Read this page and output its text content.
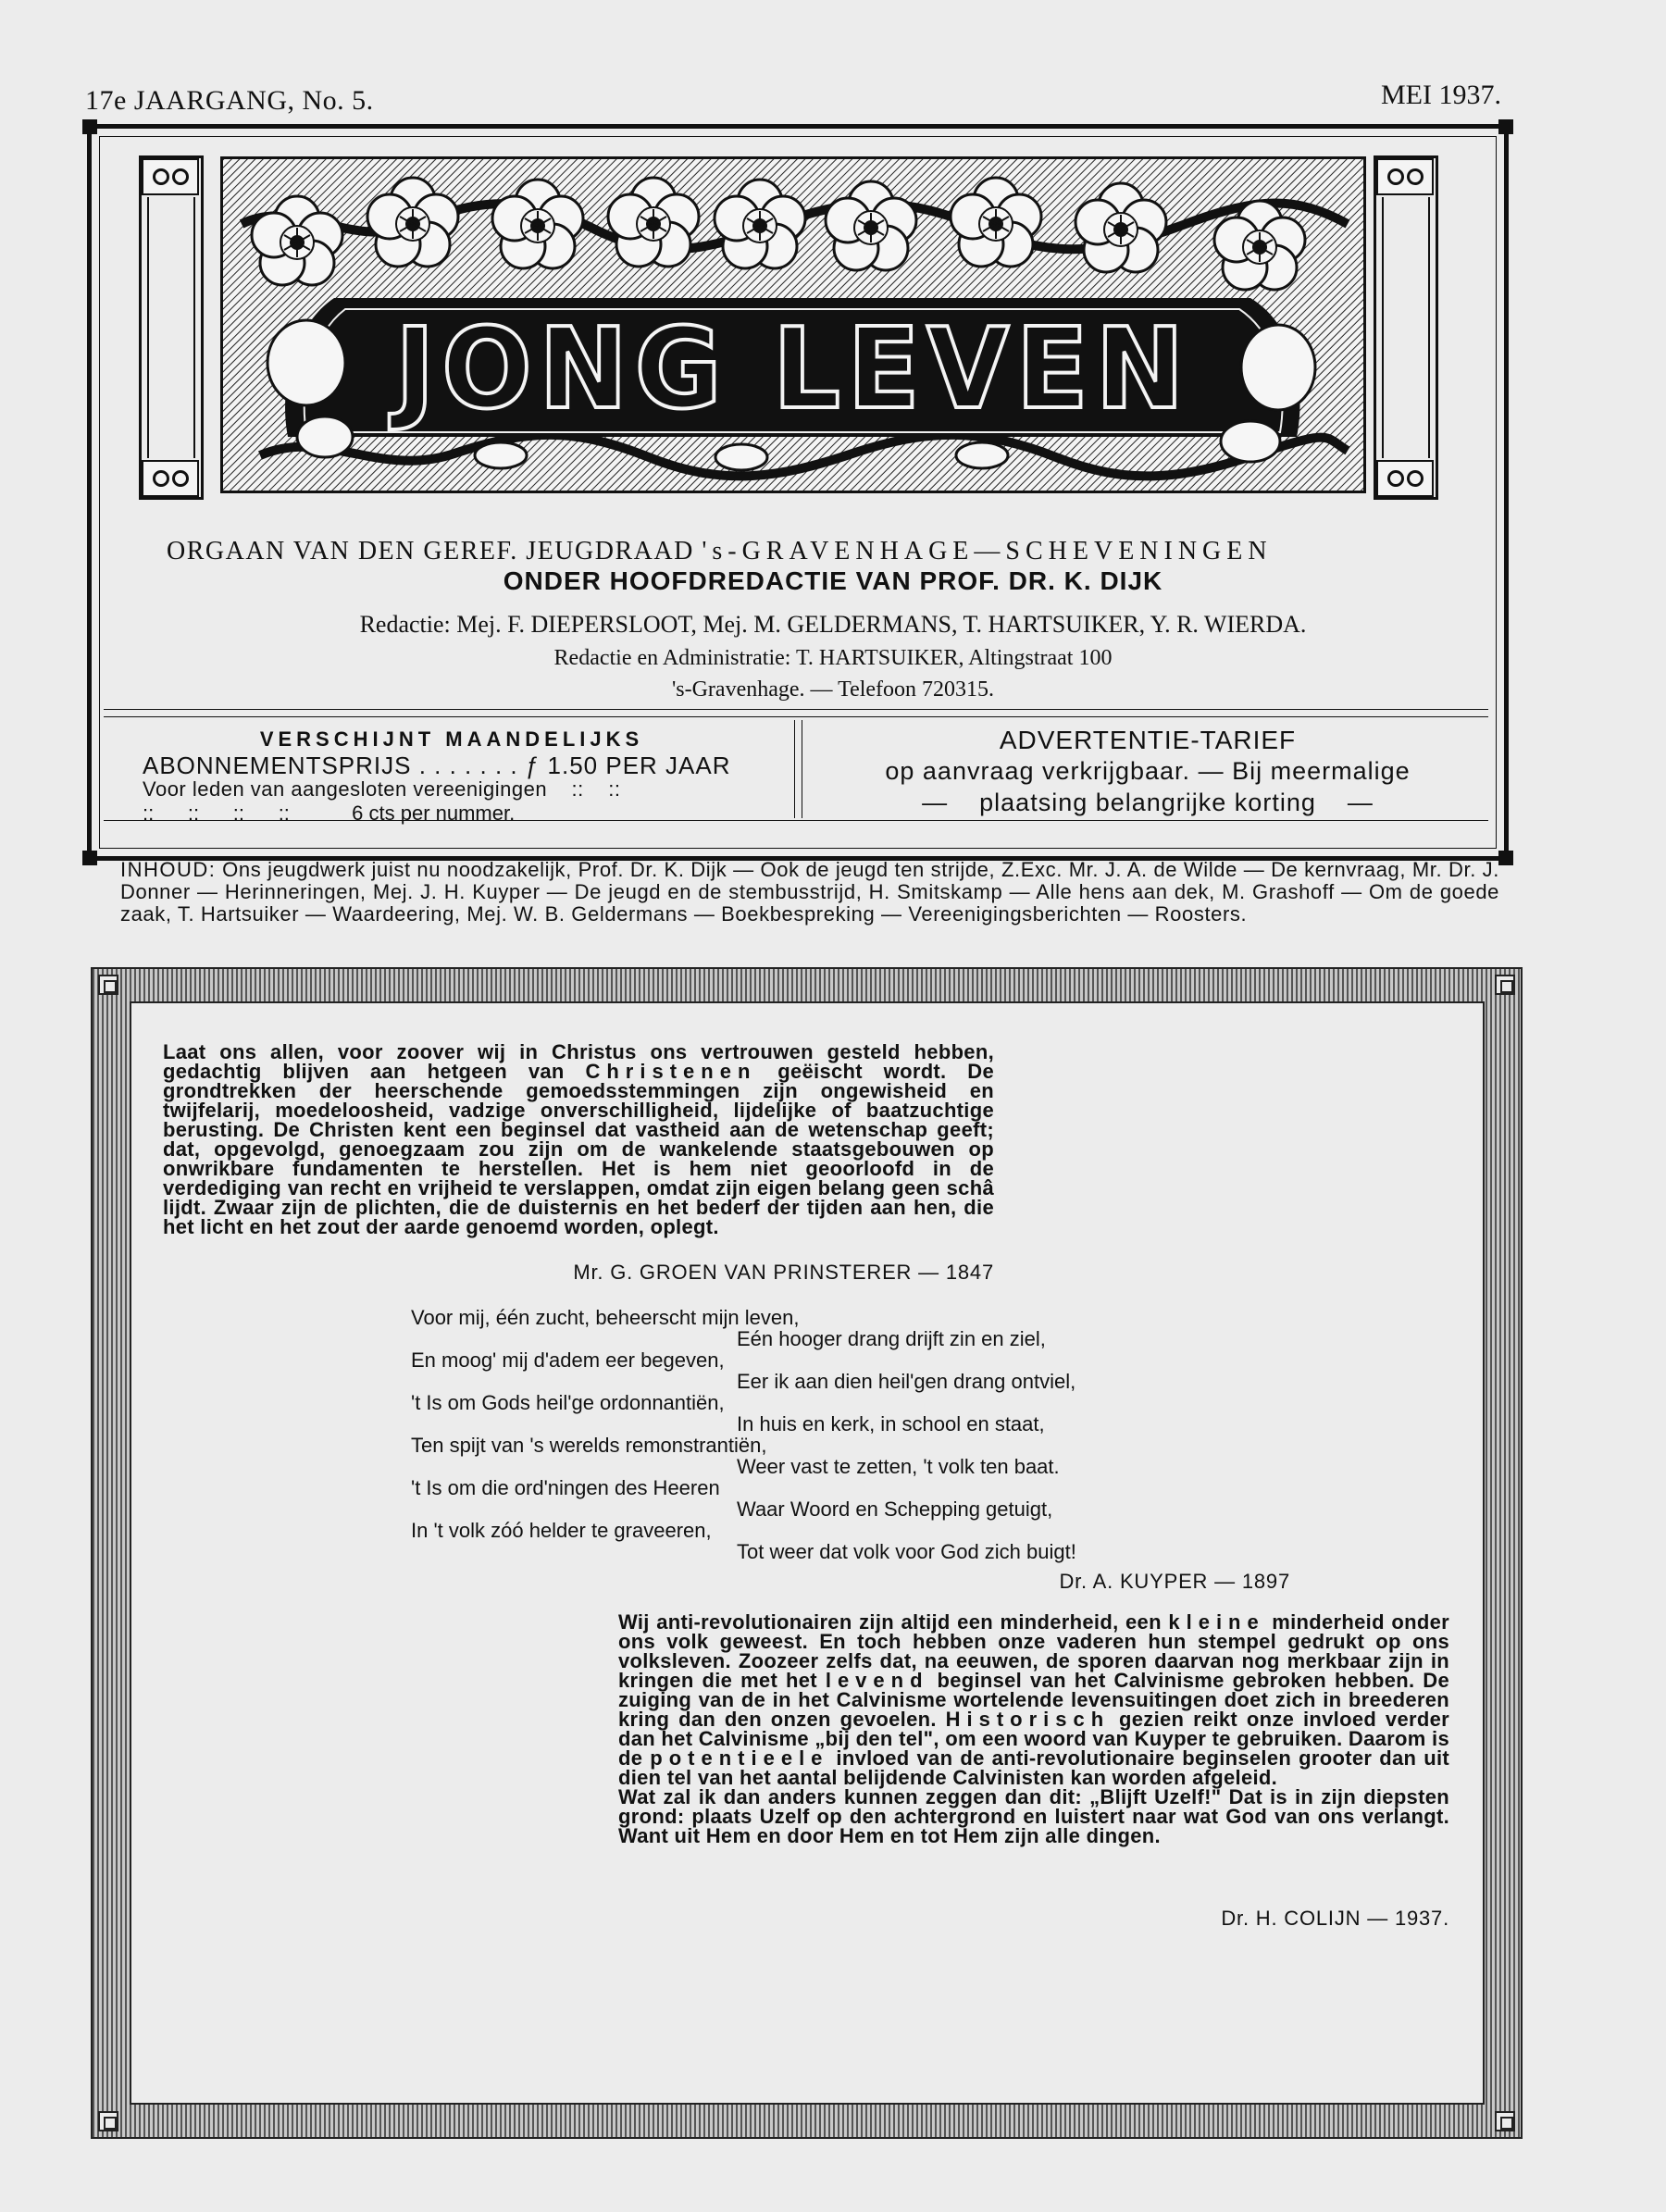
17e JAARGANG, No. 5.	MEI 1937.
JONG LEVEN
ORGAAN VAN DEN GEREF. JEUGDRAAD 's-GRAVENHAGE—SCHEVENINGEN
ONDER HOOFDREDACTIE VAN PROF. DR. K. DIJK
Redactie: Mej. F. DIEPERSLOOT, Mej. M. GELDERMANS, T. HARTSUIKER, Y. R. WIERDA.
Redactie en Administratie: T. HARTSUIKER, Altingstraat 100
's-Gravenhage. — Telefoon 720315.
VERSCHIJNT MAANDELIJKS
ABONNEMENTSPRIJS . . . . . . . ƒ 1.50 PER JAAR
Voor leden van aangesloten vereenigingen    ::    ::
::      ::      ::      ::           6 cts per nummer.
ADVERTENTIE-TARIEF
op aanvraag verkrijgbaar. — Bij meermalige
—    plaatsing belangrijke korting    —
INHOUD: Ons jeugdwerk juist nu noodzakelijk, Prof. Dr. K. Dijk — Ook de jeugd ten strijde, Z.Exc. Mr. J. A. de Wilde — De kernvraag, Mr. Dr. J. Donner — Herinneringen, Mej. J. H. Kuyper — De jeugd en de stembusstrijd, H. Smitskamp — Alle hens aan dek, M. Grashoff — Om de goede zaak, T. Hartsuiker — Waardeering, Mej. W. B. Geldermans — Boekbespreking — Vereenigingsberichten — Roosters.

Laat ons allen, voor zoover wij in Christus ons vertrouwen gesteld hebben, gedachtig blijven aan hetgeen van Christenen geëischt wordt. De grondtrekken der heerschende gemoedsstemmingen zijn ongewisheid en twijfelarij, moedeloosheid, vadzige onverschilligheid, lijdelijke of baatzuchtige berusting. De Christen kent een beginsel dat vastheid aan de wetenschap geeft; dat, opgevolgd, genoegzaam zou zijn om de wankelende staatsgebouwen op onwrikbare fundamenten te herstellen. Het is hem niet geoorloofd in de verdediging van recht en vrijheid te verslappen, omdat zijn eigen belang geen schâ lijdt. Zwaar zijn de plichten, die de duisternis en het bederf der tijden aan hen, die het licht en het zout der aarde genoemd worden, oplegt.

Mr. G. GROEN VAN PRINSTERER — 1847
Voor mij, één zucht, beheerscht mijn leven,
Eén hooger drang drijft zin en ziel,
En moog' mij d'adem eer begeven,
Eer ik aan dien heil'gen drang ontviel,
't Is om Gods heil'ge ordonnantiën,
In huis en kerk, in school en staat,
Ten spijt van 's werelds remonstrantiën,
Weer vast te zetten, 't volk ten baat.
't Is om die ord'ningen des Heeren
Waar Woord en Schepping getuigt,
In 't volk zóó helder te graveeren,
Tot weer dat volk voor God zich buigt!
Dr. A. KUYPER — 1897

Wij anti-revolutionairen zijn altijd een minderheid, een kleine minderheid onder ons volk geweest. En toch hebben onze vaderen hun stempel gedrukt op ons volksleven. Zoozeer zelfs dat, na eeuwen, de sporen daarvan nog merkbaar zijn in kringen die met het levend beginsel van het Calvinisme gebroken hebben. De zuiging van de in het Calvinisme wortelende levensuitingen doet zich in breederen kring dan den onzen gevoelen. Historisch gezien reikt onze invloed verder dan het Calvinisme „bij den tel", om een woord van Kuyper te gebruiken. Daarom is de potentieele invloed van de anti-revolutionaire beginselen grooter dan uit dien tel van het aantal belijdende Calvinisten kan worden afgeleid.

Wat zal ik dan anders kunnen zeggen dan dit: „Blijft Uzelf!" Dat is in zijn diepsten grond: plaats Uzelf op den achtergrond en luistert naar wat God van ons verlangt. Want uit Hem en door Hem en tot Hem zijn alle dingen.

Dr. H. COLIJN — 1937.
